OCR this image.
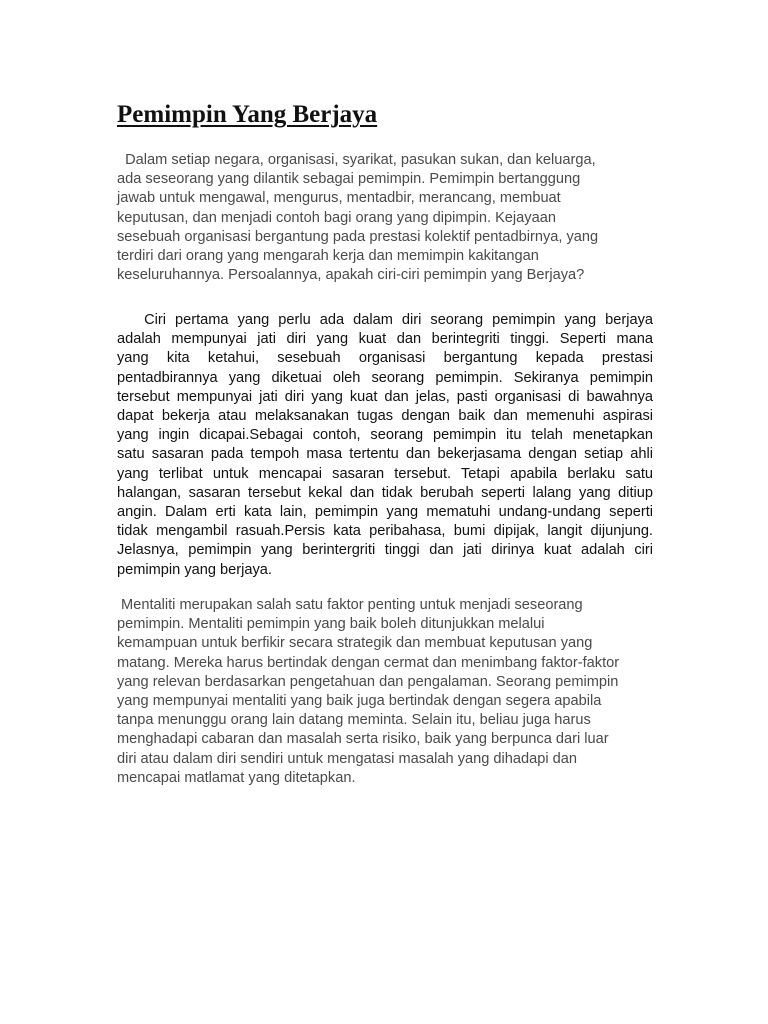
Pemimpin Yang Berjaya
Dalam setiap negara, organisasi, syarikat, pasukan sukan, dan keluarga,
ada seseorang yang dilantik sebagai pemimpin. Pemimpin bertanggung
jawab untuk mengawal, mengurus, mentadbir, merancang, membuat
keputusan, dan menjadi contoh bagi orang yang dipimpin. Kejayaan
sesebuah organisasi bergantung pada prestasi kolektif pentadbirnya, yang
terdiri dari orang yang mengarah kerja dan memimpin kakitangan
keseluruhannya. Persoalannya, apakah ciri-ciri pemimpin yang Berjaya?
Ciri pertama yang perlu ada dalam diri seorang pemimpin yang berjaya
adalah mempunyai jati diri yang kuat dan berintegriti tinggi. Seperti mana
yang kita ketahui, sesebuah organisasi bergantung kepada prestasi
pentadbirannya yang diketuai oleh seorang pemimpin. Sekiranya pemimpin
tersebut mempunyai jati diri yang kuat dan jelas, pasti organisasi di bawahnya
dapat bekerja atau melaksanakan tugas dengan baik dan memenuhi aspirasi
yang ingin dicapai.Sebagai contoh, seorang pemimpin itu telah menetapkan
satu sasaran pada tempoh masa tertentu dan bekerjasama dengan setiap ahli
yang terlibat untuk mencapai sasaran tersebut. Tetapi apabila berlaku satu
halangan, sasaran tersebut kekal dan tidak berubah seperti lalang yang ditiup
angin. Dalam erti kata lain, pemimpin yang mematuhi undang-undang seperti
tidak mengambil rasuah.Persis kata peribahasa, bumi dipijak, langit dijunjung.
Jelasnya, pemimpin yang berintergriti tinggi dan jati dirinya kuat adalah ciri
pemimpin yang berjaya.
Mentaliti merupakan salah satu faktor penting untuk menjadi seseorang
pemimpin. Mentaliti pemimpin yang baik boleh ditunjukkan melalui
kemampuan untuk berfikir secara strategik dan membuat keputusan yang
matang. Mereka harus bertindak dengan cermat dan menimbang faktor-faktor
yang relevan berdasarkan pengetahuan dan pengalaman. Seorang pemimpin
yang mempunyai mentaliti yang baik juga bertindak dengan segera apabila
tanpa menunggu orang lain datang meminta. Selain itu, beliau juga harus
menghadapi cabaran dan masalah serta risiko, baik yang berpunca dari luar
diri atau dalam diri sendiri untuk mengatasi masalah yang dihadapi dan
mencapai matlamat yang ditetapkan.
